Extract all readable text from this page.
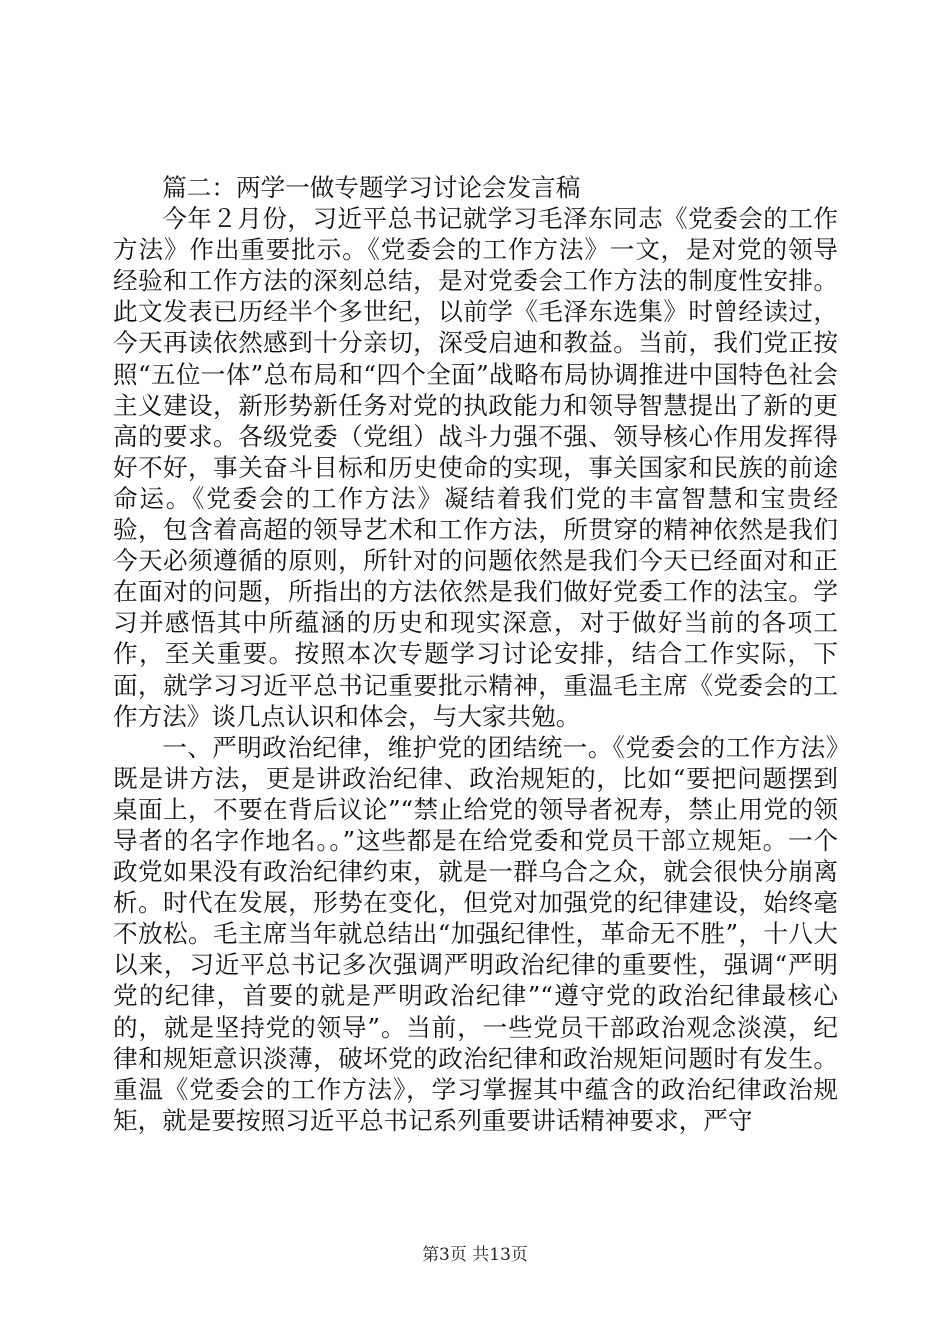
篇二：两学一做专题学习讨论会发言稿

今年２月份，习近平总书记就学习毛泽东同志《党委会的工作方法》作出重要批示。《党委会的工作方法》一文，是对党的领导经验和工作方法的深刻总结，是对党委会工作方法的制度性安排。此文发表已历经半个多世纪，以前学《毛泽东选集》时曾经读过，今天再读依然感到十分亲切，深受启迪和教益。当前，我们党正按照“五位一体”总布局和“四个全面”战略布局协调推进中国特色社会主义建设，新形势新任务对党的执政能力和领导智慧提出了新的更高的要求。各级党委（党组）战斗力强不强、领导核心作用发挥得好不好，事关奋斗目标和历史使命的实现，事关国家和民族的前途命运。《党委会的工作方法》凝结着我们党的丰富智慧和宝贵经验，包含着高超的领导艺术和工作方法，所贯穿的精神依然是我们今天必须遵循的原则，所针对的问题依然是我们今天已经面对和正在面对的问题，所指出的方法依然是我们做好党委工作的法宝。学习并感悟其中所蕴涵的历史和现实深意，对于做好当前的各项工作，至关重要。按照本次专题学习讨论安排，结合工作实际，下面，就学习习近平总书记重要批示精神，重温毛主席《党委会的工作方法》谈几点认识和体会，与大家共勉。

一、严明政治纪律，维护党的团结统一。《党委会的工作方法》既是讲方法，更是讲政治纪律、政治规矩的，比如“要把问题摆到桌面上，不要在背后议论”“禁止给党的领导者祝寿，禁止用党的领导者的名字作地名。。”这些都是在给党委和党员干部立规矩。一个政党如果没有政治纪律约束，就是一群乌合之众，就会很快分崩离析。时代在发展，形势在变化，但党对加强党的纪律建设，始终毫不放松。毛主席当年就总结出“加强纪律性，革命无不胜”，十八大以来，习近平总书记多次强调严明政治纪律的重要性，强调“严明党的纪律，首要的就是严明政治纪律”“遵守党的政治纪律最核心的，就是坚持党的领导”。当前，一些党员干部政治观念淡漠，纪律和规矩意识淡薄，破坏党的政治纪律和政治规矩问题时有发生。重温《党委会的工作方法》，学习掌握其中蕴含的政治纪律政治规矩，就是要按照习近平总书记系列重要讲话精神要求，严守

第3页 共13页
